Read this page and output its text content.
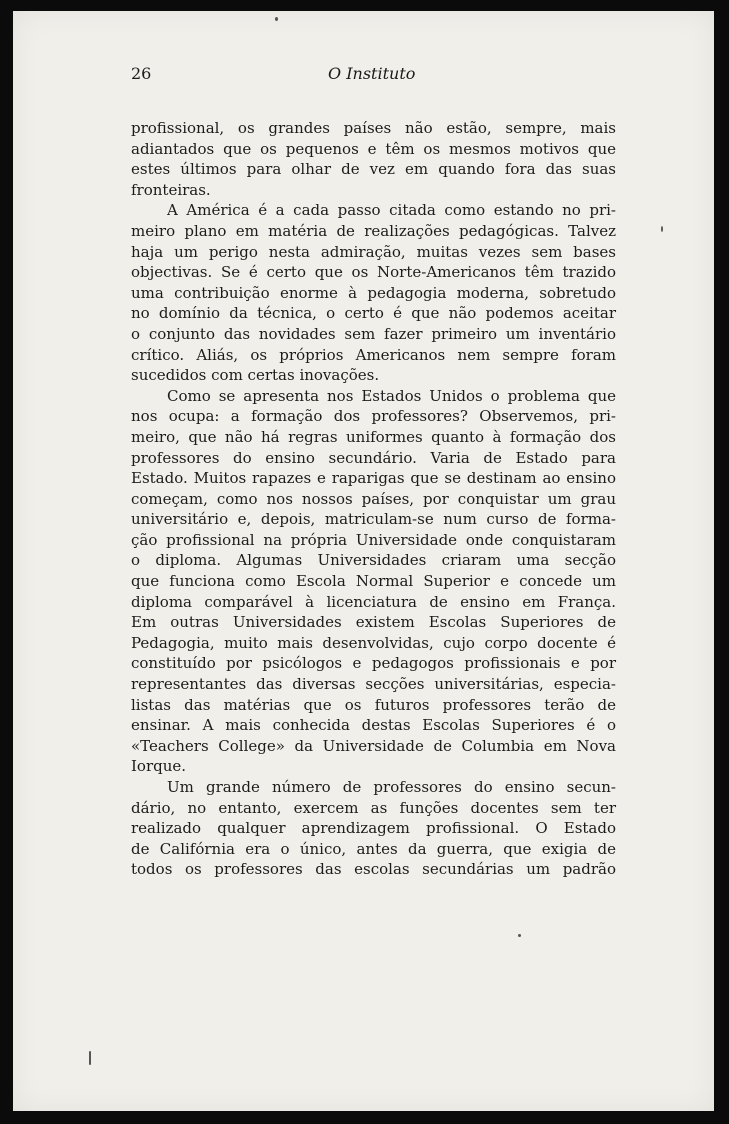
26	O Instituto
profissional, os grandes países não estão, sempre, mais
adiantados que os pequenos e têm os mesmos motivos que
estes últimos para olhar de vez em quando fora das suas
fronteiras.
A América é a cada passo citada como estando no pri-
meiro plano em matéria de realizações pedagógicas. Talvez
haja um perigo nesta admiração, muitas vezes sem bases
objectivas. Se é certo que os Norte-Americanos têm trazido
uma contribuição enorme à pedagogia moderna, sobretudo
no domínio da técnica, o certo é que não podemos aceitar
o conjunto das novidades sem fazer primeiro um inventário
crítico. Aliás, os próprios Americanos nem sempre foram
sucedidos com certas inovações.
Como se apresenta nos Estados Unidos o problema que
nos ocupa: a formação dos professores? Observemos, pri-
meiro, que não há regras uniformes quanto à formação dos
professores do ensino secundário. Varia de Estado para
Estado. Muitos rapazes e raparigas que se destinam ao ensino
começam, como nos nossos países, por conquistar um grau
universitário e, depois, matriculam-se num curso de forma-
ção profissional na própria Universidade onde conquistaram
o diploma. Algumas Universidades criaram uma secção
que funciona como Escola Normal Superior e concede um
diploma comparável à licenciatura de ensino em França.
Em outras Universidades existem Escolas Superiores de
Pedagogia, muito mais desenvolvidas, cujo corpo docente é
constituído por psicólogos e pedagogos profissionais e por
representantes das diversas secções universitárias, especia-
listas das matérias que os futuros professores terão de
ensinar. A mais conhecida destas Escolas Superiores é o
«Teachers College» da Universidade de Columbia em Nova
Iorque.
Um grande número de professores do ensino secun-
dário, no entanto, exercem as funções docentes sem ter
realizado qualquer aprendizagem profissional. O Estado
de Califórnia era o único, antes da guerra, que exigia de
todos os professores das escolas secundárias um padrão
